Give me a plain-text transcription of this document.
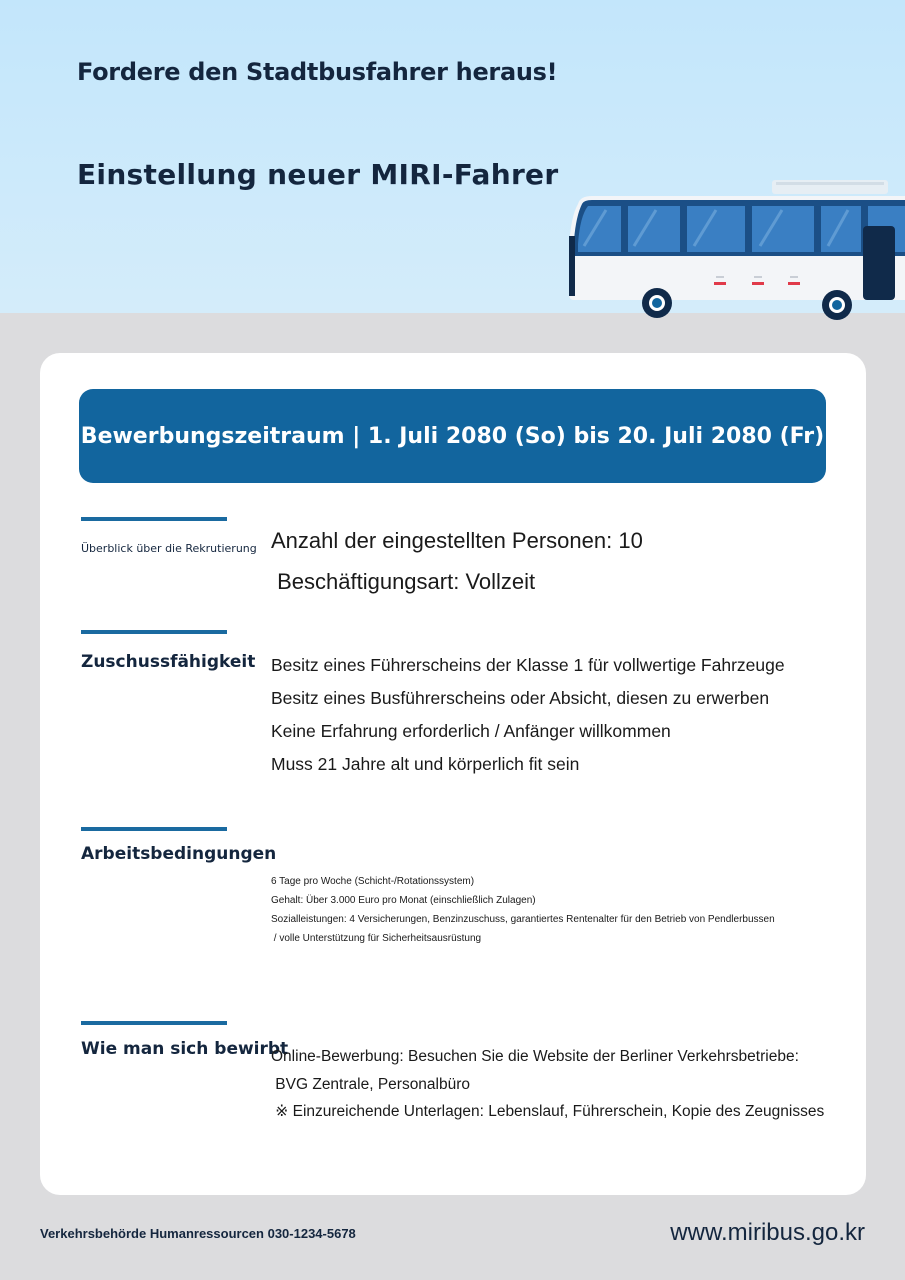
Fordere den Stadtbusfahrer heraus!
Einstellung neuer MIRI-Fahrer
Bewerbungszeitraum | 1. Juli 2080 (So) bis 20. Juli 2080 (Fr)
Überblick über die Rekrutierung Anzahl der eingestellten Personen: 10
Beschäftigungsart: Vollzeit
Zuschussfähigkeit Besitz eines Führerscheins der Klasse 1 für vollwertige Fahrzeuge
Besitz eines Busführerscheins oder Absicht, diesen zu erwerben
Keine Erfahrung erforderlich / Anfänger willkommen
Muss 21 Jahre alt und körperlich fit sein
Arbeitsbedingungen
6 Tage pro Woche (Schicht-/Rotationssystem)
Gehalt: Über 3.000 Euro pro Monat (einschließlich Zulagen)
Sozialleistungen: 4 Versicherungen, Benzinzuschuss, garantiertes Rentenalter für den Betrieb von Pendlerbussen
/ volle Unterstützung für Sicherheitsausrüstung
Wie man sich bewirbt
Online-Bewerbung: Besuchen Sie die Website der Berliner Verkehrsbetriebe:
BVG Zentrale, Personalbüro
※ Einzureichende Unterlagen: Lebenslauf, Führerschein, Kopie des Zeugnisses
Verkehrsbehörde Humanressourcen 030-1234-5678	www.miribus.go.kr
